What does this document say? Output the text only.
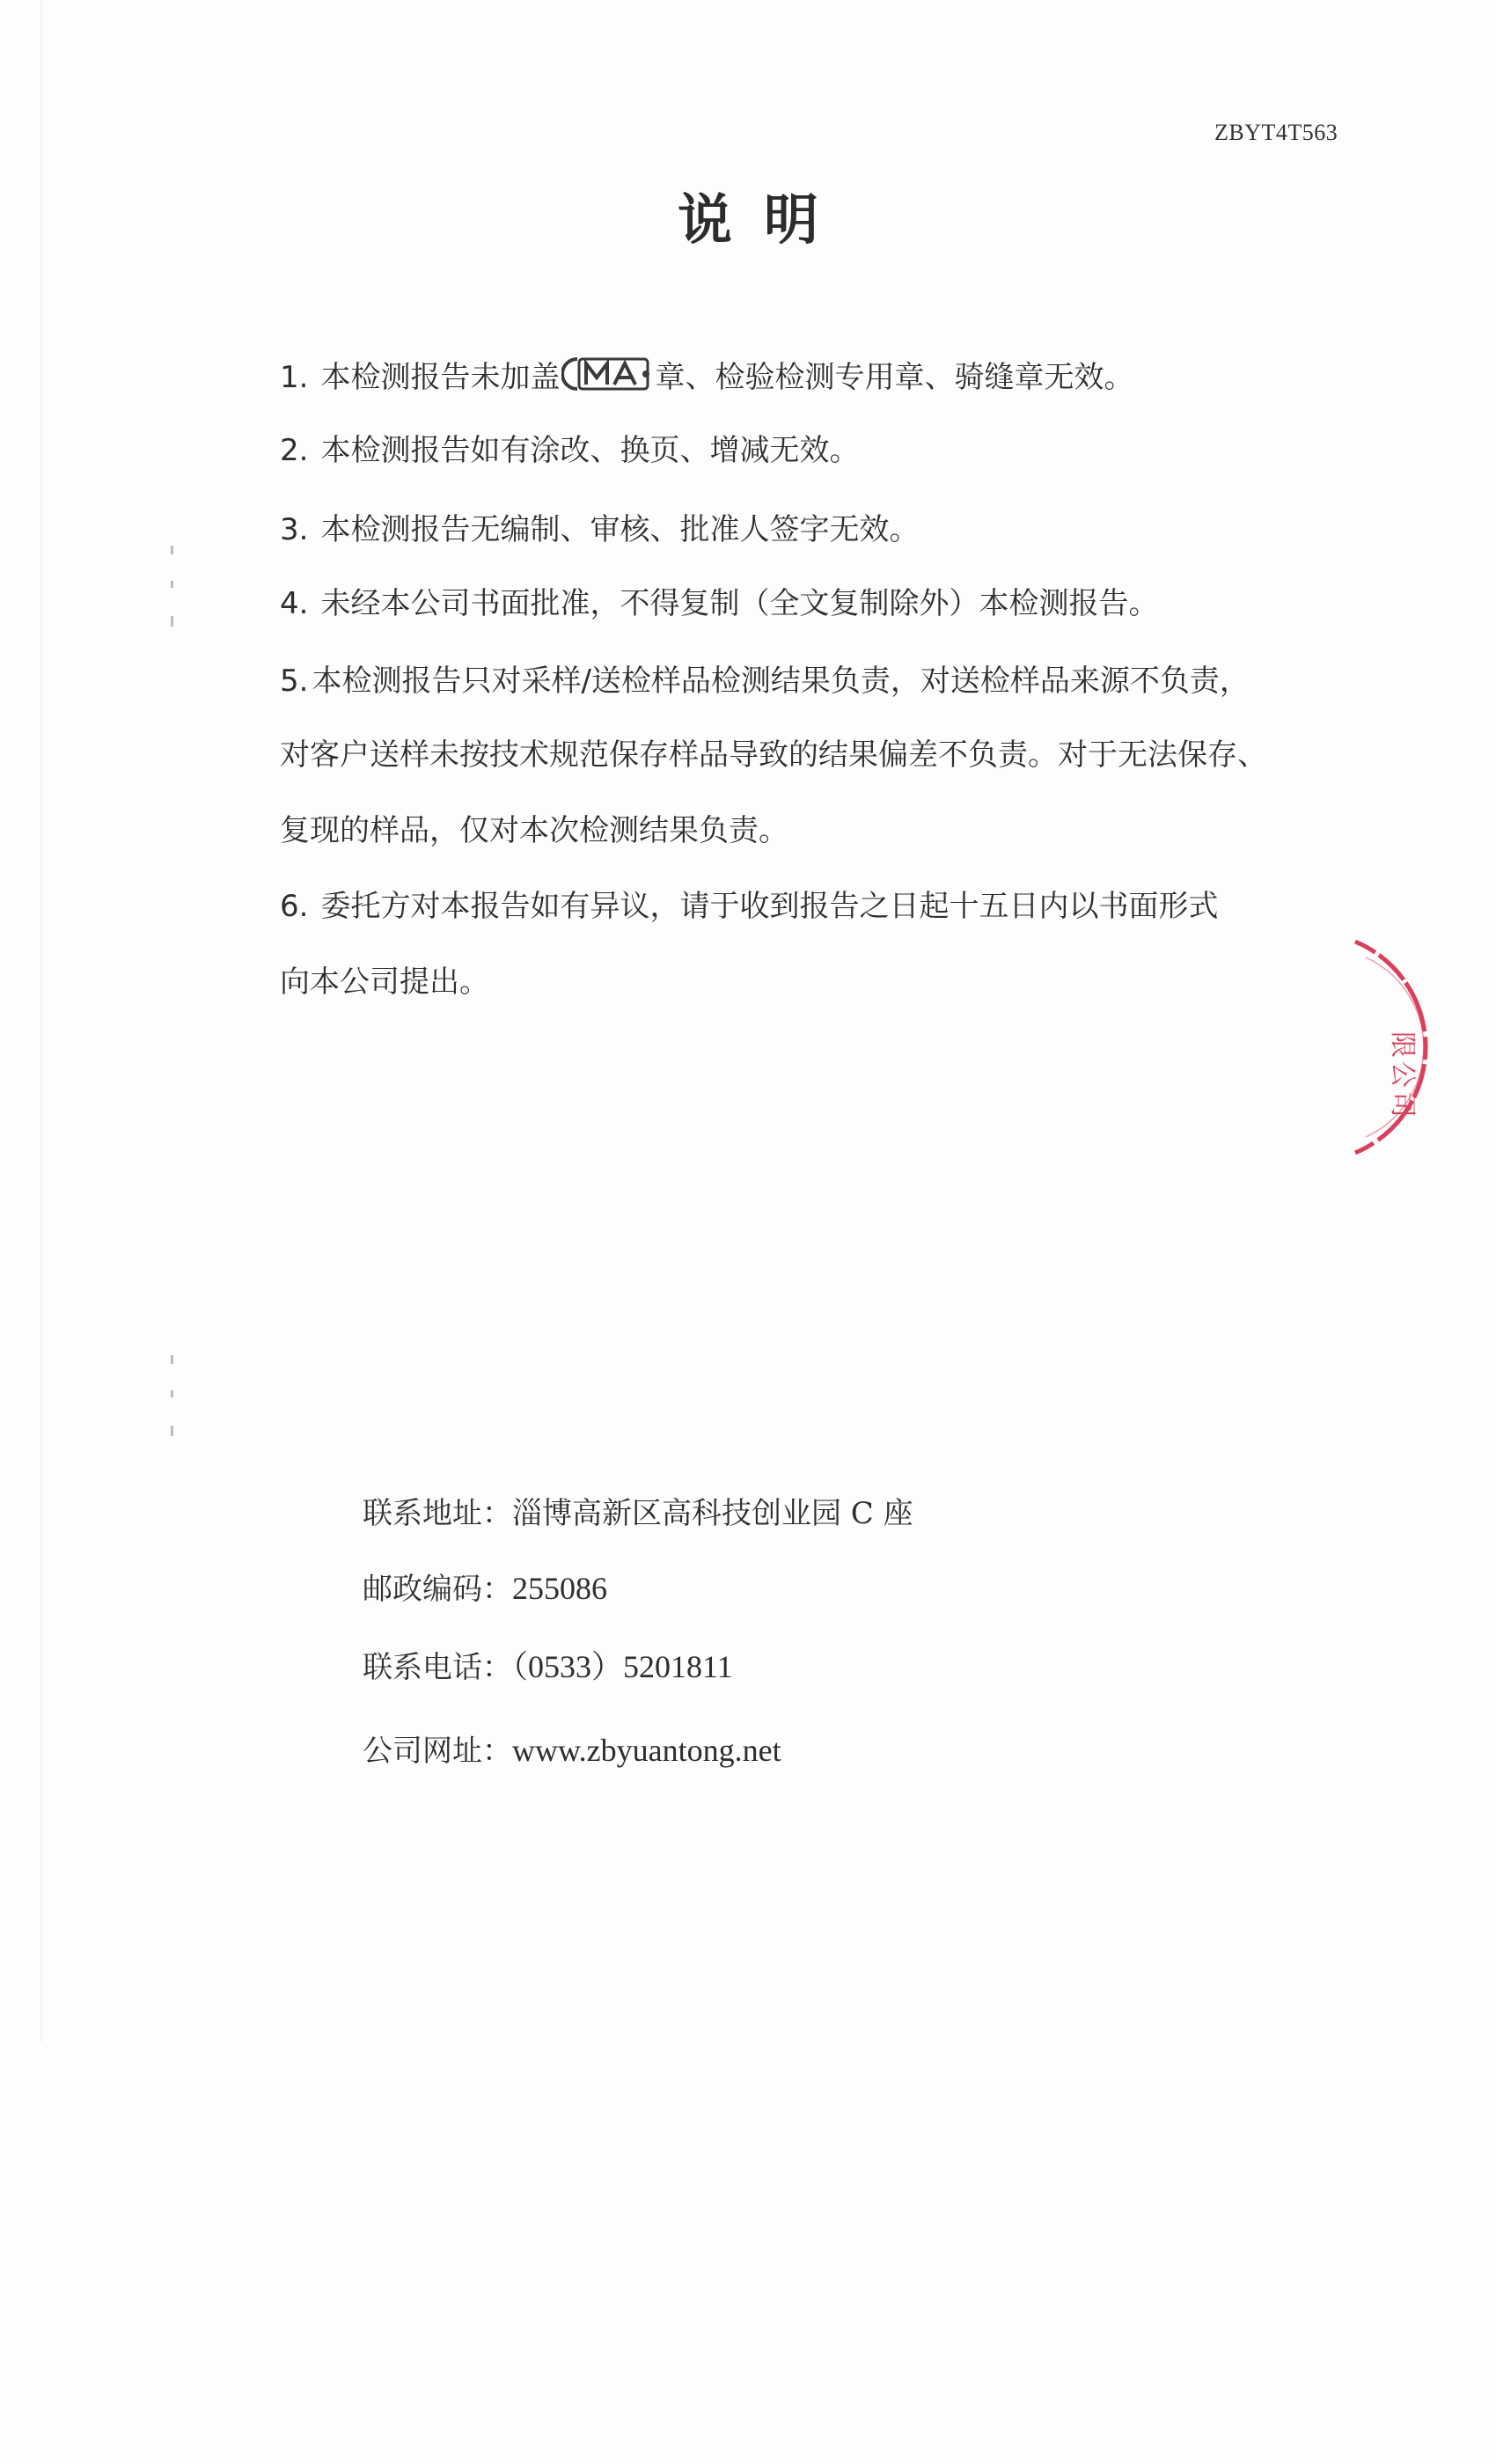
ZBYT4T563
说明
1. 本检测报告未加盖	章、检验检测专用章、骑缝章无效。
2. 本检测报告如有涂改、换页、增减无效。
3. 本检测报告无编制、审核、批准人签字无效。
4. 未经本公司书面批准，不得复制（全文复制除外）本检测报告。
5. 本检测报告只对采样/送检样品检测结果负责，对送检样品来源不负责，
对客户送样未按技术规范保存样品导致的结果偏差不负责。对于无法保存、
复现的样品，仅对本次检测结果负责。
6. 委托方对本报告如有异议，请于收到报告之日起十五日内以书面形式
向本公司提出。
限公司
联系地址：淄博高新区高科技创业园 C 座
邮政编码：255086
联系电话：（0533）5201811
公司网址：www.zbyuantong.net
